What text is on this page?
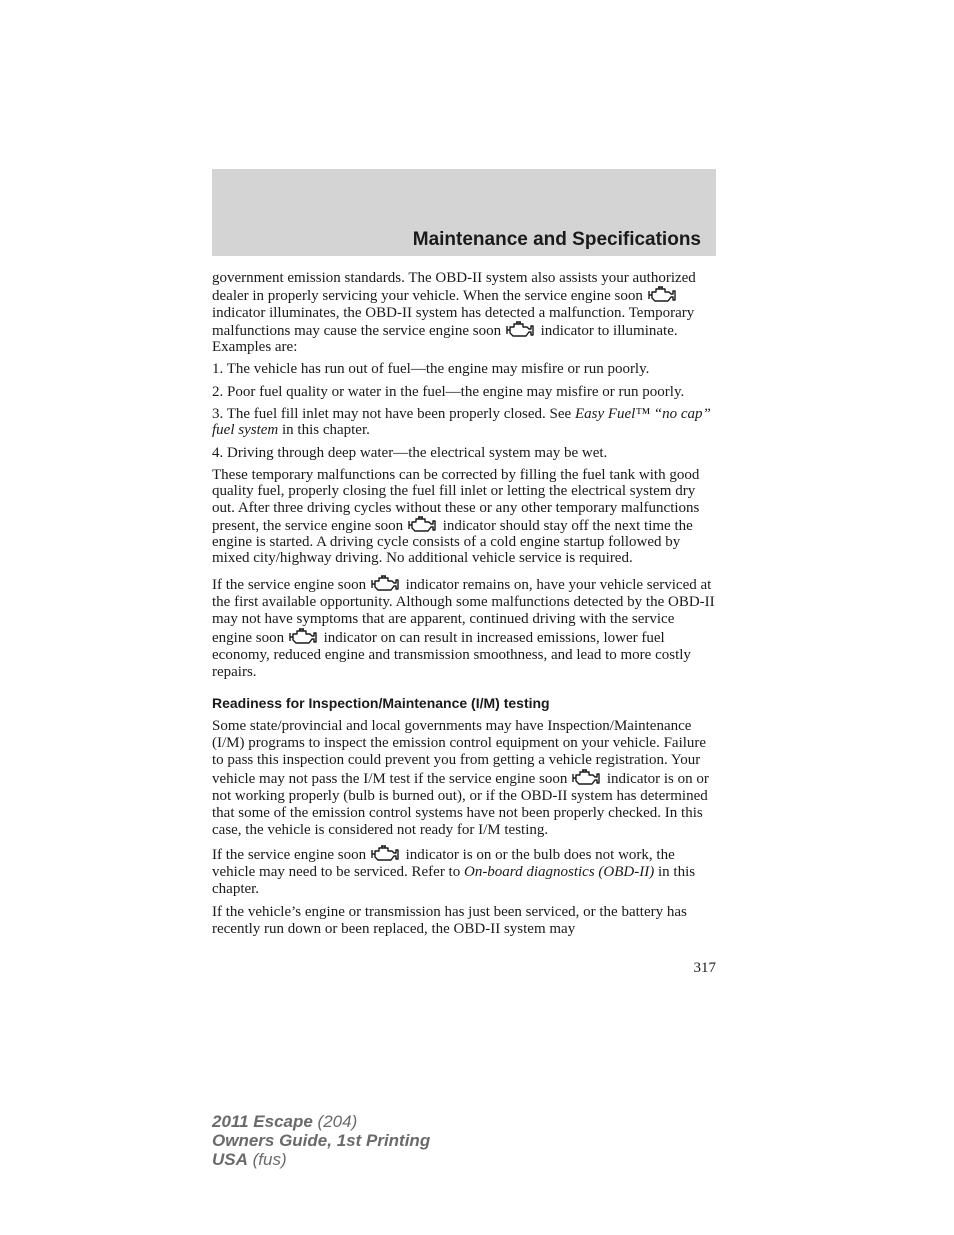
Maintenance and Specifications

government emission standards. The OBD-II system also assists your authorized dealer in properly servicing your vehicle. When the service engine soon
indicator illuminates, the OBD-II system has detected a malfunction. Temporary malfunctions may cause the service engine soon	indicator to illuminate. Examples are:

1. The vehicle has run out of fuel—the engine may misfire or run poorly.

2. Poor fuel quality or water in the fuel—the engine may misfire or run poorly.

3. The fuel fill inlet may not have been properly closed. See Easy Fuel™ “no cap” fuel system in this chapter.

4. Driving through deep water—the electrical system may be wet.

These temporary malfunctions can be corrected by filling the fuel tank with good quality fuel, properly closing the fuel fill inlet or letting the electrical system dry out. After three driving cycles without these or any other temporary malfunctions present, the service engine soon	indicator should stay off the next time the engine is started. A driving cycle consists of a cold engine startup followed by mixed city/highway driving. No additional vehicle service is required.

If the service engine soon	indicator remains on, have your vehicle serviced at the first available opportunity. Although some malfunctions detected by the OBD-II may not have symptoms that are apparent, continued driving with the service engine soon	indicator on can result in increased emissions, lower fuel economy, reduced engine and transmission smoothness, and lead to more costly repairs.

Readiness for Inspection/Maintenance (I/M) testing

Some state/provincial and local governments may have Inspection/Maintenance (I/M) programs to inspect the emission control equipment on your vehicle. Failure to pass this inspection could prevent you from getting a vehicle registration. Your vehicle may not pass the I/M test if the service engine soon	indicator is on or not working properly (bulb is burned out), or if the OBD-II system has determined that some of the emission control systems have not been properly checked. In this case, the vehicle is considered not ready for I/M testing.

If the service engine soon	indicator is on or the bulb does not work, the vehicle may need to be serviced. Refer to On-board diagnostics (OBD-II) in this chapter.

If the vehicle’s engine or transmission has just been serviced, or the battery has recently run down or been replaced, the OBD-II system may

317
2011 Escape (204)
Owners Guide, 1st Printing
USA (fus)
